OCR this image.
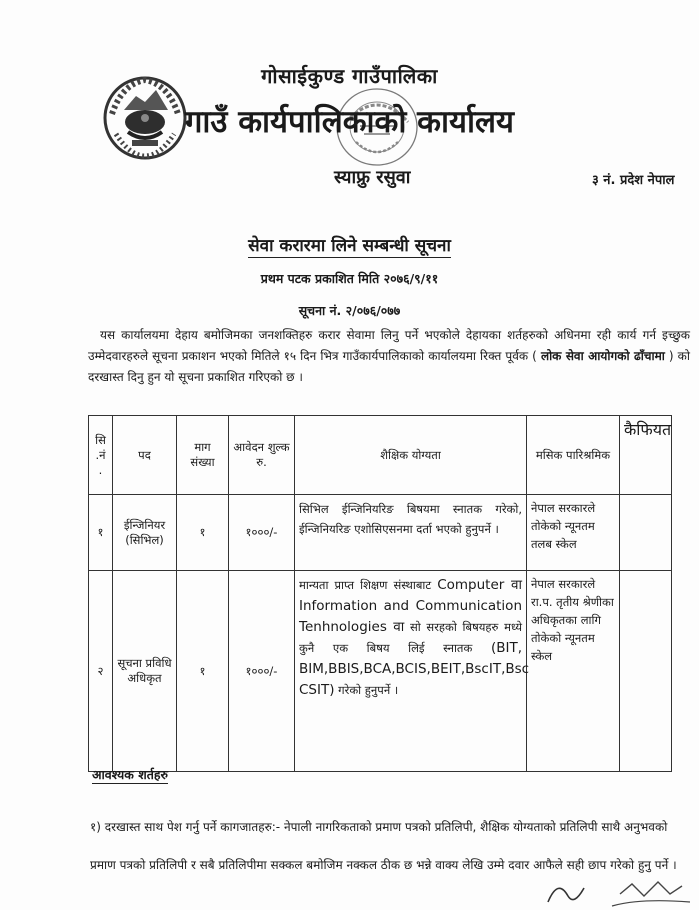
गोसाईकुण्ड गाउँपालिका
गाउँ कार्यपालिकाको कार्यालय
स्याफ्रु रसुवा	३ नं. प्रदेश नेपाल
सेवा करारमा लिने सम्बन्धी सूचना
प्रथम पटक प्रकाशित मिति २०७६/९/११
सूचना नं. २/०७६/०७७
यस कार्यालयमा देहाय बमोजिमका जनशक्तिहरु करार सेवामा लिनु पर्ने भएकोले देहायका शर्तहरुको अधिनमा रही कार्य गर्न इच्छुक उम्मेदवारहरुले सूचना प्रकाशन भएको मितिले १५ दिन भित्र गाउँकार्यपालिकाको कार्यालयमा रिक्त पूर्वक ( लोक सेवा आयोगको ढाँचामा ) को दरखास्त दिनु हुन यो सूचना प्रकाशित गरिएको छ ।
सि .नं .	पद	माग संख्या	आवेदन शुल्क रु.	शैक्षिक योग्यता	मसिक पारिश्रमिक	कैफियत
१	ईन्जिनियर (सिभिल)	१	१०००/-	सिभिल ईन्जिनियरिङ बिषयमा स्नातक गरेको, ईन्जिनियरिङ एशोसिएसनमा दर्ता भएको हुनुपर्ने ।	नेपाल सरकारले तोकेको न्यूनतम तलब स्केल	
२	सूचना प्रविधि अधिकृत	१	१०००/-	मान्यता प्राप्त शिक्षण संस्थाबाट Computer वा Information and Communication Tenhnologies वा सो सरहको बिषयहरु मध्ये कुनै एक बिषय लिई स्नातक (BIT, BIM,BBIS,BCA,BCIS,BEIT,BscIT,Bsc CSIT) गरेको हुनुपर्ने ।	नेपाल सरकारले रा.प. तृतीय श्रेणीका अधिकृतका लागि तोकेको न्यूनतम स्केल	
आवश्यक शर्तहरु
१) दरखास्त साथ पेश गर्नु पर्ने कागजातहरु:- नेपाली नागरिकताको प्रमाण पत्रको प्रतिलिपी, शैक्षिक योग्यताको प्रतिलिपी साथै अनुभवको प्रमाण पत्रको प्रतिलिपी र सबै प्रतिलिपीमा सक्कल बमोजिम नक्कल ठीक छ भन्ने वाक्य लेखि उम्मे दवार आफैले सही छाप गरेको हुनु पर्ने ।
